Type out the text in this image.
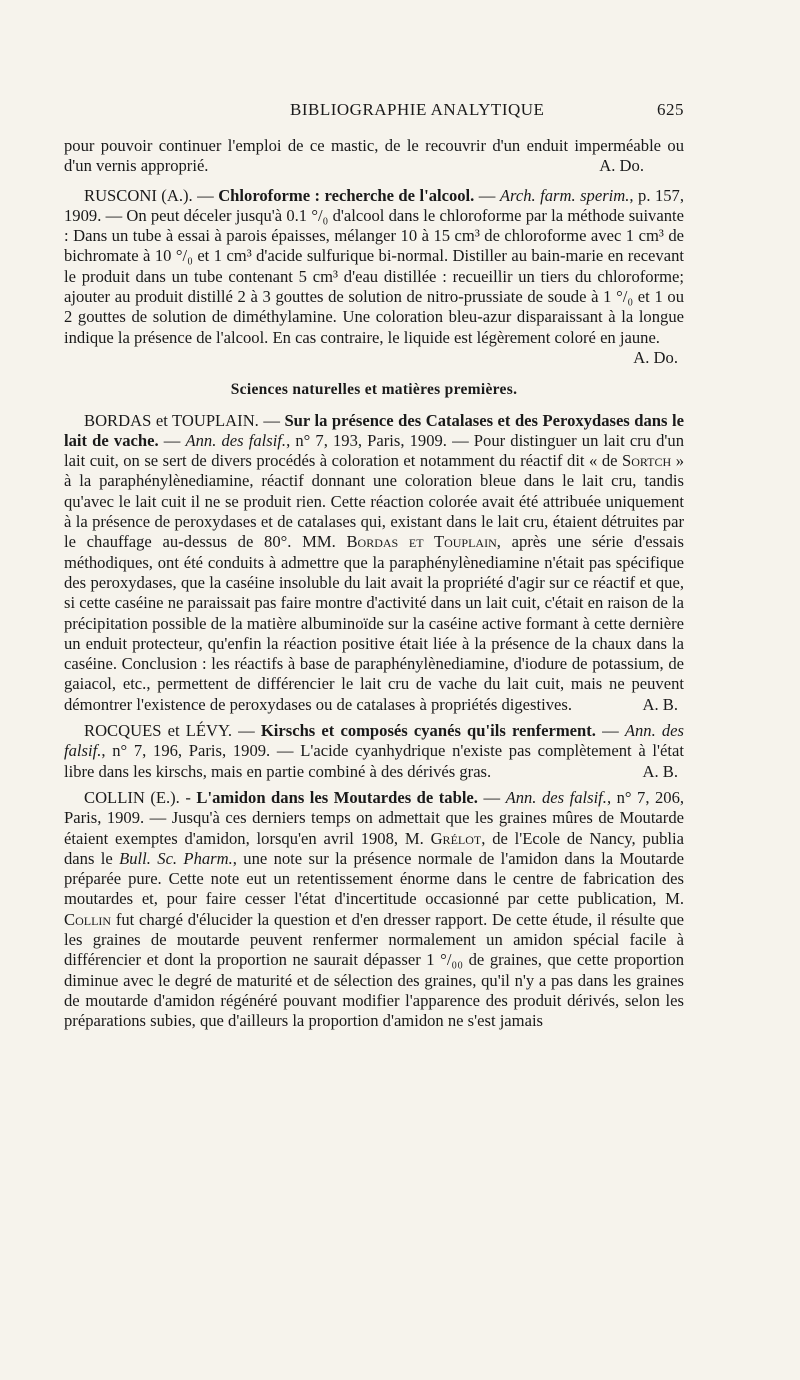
BIBLIOGRAPHIE ANALYTIQUE	625

pour pouvoir continuer l'emploi de ce mastic, de le recouvrir d'un enduit imperméable ou d'un vernis approprié.	A. Do.

RUSCONI (A.). — Chloroforme : recherche de l'alcool. — Arch. farm. sperim., p. 157, 1909. — On peut déceler jusqu'à 0.1 °/₀ d'alcool dans le chloroforme par la méthode suivante : Dans un tube à essai à parois épaisses, mélanger 10 à 15 cm³ de chloroforme avec 1 cm³ de bichromate à 10 °/₀ et 1 cm³ d'acide sulfurique bi-normal. Distiller au bain-marie en recevant le produit dans un tube contenant 5 cm³ d'eau distillée : recueillir un tiers du chloroforme; ajouter au produit distillé 2 à 3 gouttes de solution de nitro-prussiate de soude à 1 °/₀ et 1 ou 2 gouttes de solution de diméthylamine. Une coloration bleu-azur disparaissant à la longue indique la présence de l'alcool. En cas contraire, le liquide est légèrement coloré en jaune.

A. Do.
Sciences naturelles et matières premières.

BORDAS et TOUPLAIN. — Sur la présence des Catalases et des Peroxydases dans le lait de vache. — Ann. des falsif., n° 7, 193, Paris, 1909. — Pour distinguer un lait cru d'un lait cuit, on se sert de divers procédés à coloration et notamment du réactif dit « de Sortch » à la paraphénylènediamine, réactif donnant une coloration bleue dans le lait cru, tandis qu'avec le lait cuit il ne se produit rien. Cette réaction colorée avait été attribuée uniquement à la présence de peroxydases et de catalases qui, existant dans le lait cru, étaient détruites par le chauffage au-dessus de 80°. MM. Bordas et Touplain, après une série d'essais méthodiques, ont été conduits à admettre que la paraphénylènediamine n'était pas spécifique des peroxydases, que la caséine insoluble du lait avait la propriété d'agir sur ce réactif et que, si cette caséine ne paraissait pas faire montre d'activité dans un lait cuit, c'était en raison de la précipitation possible de la matière albuminoïde sur la caséine active formant à cette dernière un enduit protecteur, qu'enfin la réaction positive était liée à la présence de la chaux dans la caséine. Conclusion : les réactifs à base de paraphénylènediamine, d'iodure de potassium, de gaiacol, etc., permettent de différencier le lait cru de vache du lait cuit, mais ne peuvent démontrer l'existence de peroxydases ou de catalases à propriétés digestives.	A. B.

ROCQUES et LÉVY. — Kirschs et composés cyanés qu'ils renferment. — Ann. des falsif., n° 7, 196, Paris, 1909. — L'acide cyanhydrique n'existe pas complètement à l'état libre dans les kirschs, mais en partie combiné à des dérivés gras.	A. B.

COLLIN (E.). - L'amidon dans les Moutardes de table. — Ann. des falsif., n° 7, 206, Paris, 1909. — Jusqu'à ces derniers temps on admettait que les graines mûres de Moutarde étaient exemptes d'amidon, lorsqu'en avril 1908, M. Grélot, de l'Ecole de Nancy, publia dans le Bull. Sc. Pharm., une note sur la présence normale de l'amidon dans la Moutarde préparée pure. Cette note eut un retentissement énorme dans le centre de fabrication des moutardes et, pour faire cesser l'état d'incertitude occasionné par cette publication, M. Collin fut chargé d'élucider la question et d'en dresser rapport. De cette étude, il résulte que les graines de moutarde peuvent renfermer normalement un amidon spécial facile à différencier et dont la proportion ne saurait dépasser 1 °/₀₀ de graines, que cette proportion diminue avec le degré de maturité et de sélection des graines, qu'il n'y a pas dans les graines de moutarde d'amidon régénéré pouvant modifier l'apparence des produit dérivés, selon les préparations subies, que d'ailleurs la proportion d'amidon ne s'est jamais
